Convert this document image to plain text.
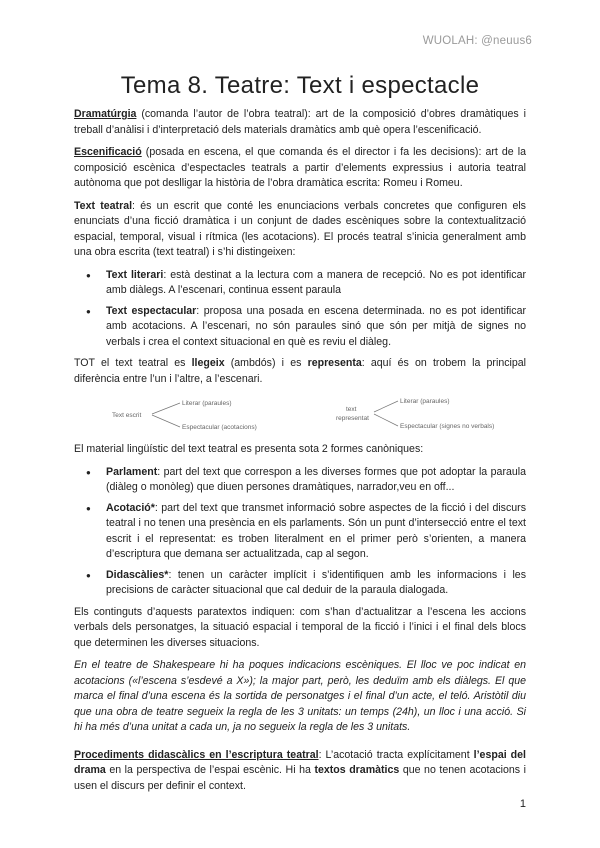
WUOLAH: @neuus6
Tema 8. Teatre: Text i espectacle

Dramatúrgia (comanda l’autor de l’obra teatral): art de la composició d’obres dramàtiques i treball d’anàlisi i d’interpretació dels materials dramàtics amb què opera l’escenificació.

Escenificació (posada en escena, el que comanda és el director i fa les decisions): art de la composició escènica d’espectacles teatrals a partir d’elements expressius i autoria teatral autònoma que pot deslligar la història de l’obra dramàtica escrita: Romeu i Romeu.

Text teatral: és un escrit que conté les enunciacions verbals concretes que configuren els enunciats d’una ficció dramàtica i un conjunt de dades escèniques sobre la contextualització espacial, temporal, visual i rítmica (les acotacions). El procés teatral s’inicia generalment amb una obra escrita (text teatral) i s’hi distingeixen:

● Text literari: està destinat a la lectura com a manera de recepció. No es pot identificar amb diàlegs. A l’escenari, continua essent paraula
● Text espectacular: proposa una posada en escena determinada. no es pot identificar amb acotacions. A l’escenari, no són paraules sinó que són per mitjà de signes no verbals i crea el context situacional en què es reviu el diàleg.

TOT el text teatral es llegeix (ambdós) i es representa: aquí és on trobem la principal diferència entre l’un i l’altre, a l’escenari.

Text escrit
Literar (paraules)
Espectacular (acotacions)
text
representat
Literar (paraules)
Espectacular (signes no verbals)

El material lingüístic del text teatral es presenta sota 2 formes canòniques:

● Parlament: part del text que correspon a les diverses formes que pot adoptar la paraula (diàleg o monòleg) que diuen persones dramàtiques, narrador,veu en off...
● Acotació*: part del text que transmet informació sobre aspectes de la ficció i del discurs teatral i no tenen una presència en els parlaments. Són un punt d’intersecció entre el text escrit i el representat: es troben literalment en el primer però s’orienten, a manera d’escriptura que demana ser actualitzada, cap al segon.
● Didascàlies*: tenen un caràcter implícit i s’identifiquen amb les informacions i les precisions de caràcter situacional que cal deduir de la paraula dialogada.

Els continguts d’aquests paratextos indiquen: com s’han d’actualitzar a l’escena les accions verbals dels personatges, la situació espacial i temporal de la ficció i l’inici i el final dels blocs que determinen les diverses situacions.

En el teatre de Shakespeare hi ha poques indicacions escèniques. El lloc ve poc indicat en acotacions («l’escena s’esdevé a X»); la major part, però, les deduïm amb els diàlegs. El que marca el final d’una escena és la sortida de personatges i el final d’un acte, el teló. Aristòtil diu que una obra de teatre segueix la regla de les 3 unitats: un temps (24h), un lloc i una acció. Si hi ha més d’una unitat a cada un, ja no segueix la regla de les 3 unitats.

Procediments didascàlics en l’escriptura teatral: L’acotació tracta explícitament l’espai del drama en la perspectiva de l’espai escènic. Hi ha textos dramàtics que no tenen acotacions i usen el discurs per definir el context.

1
